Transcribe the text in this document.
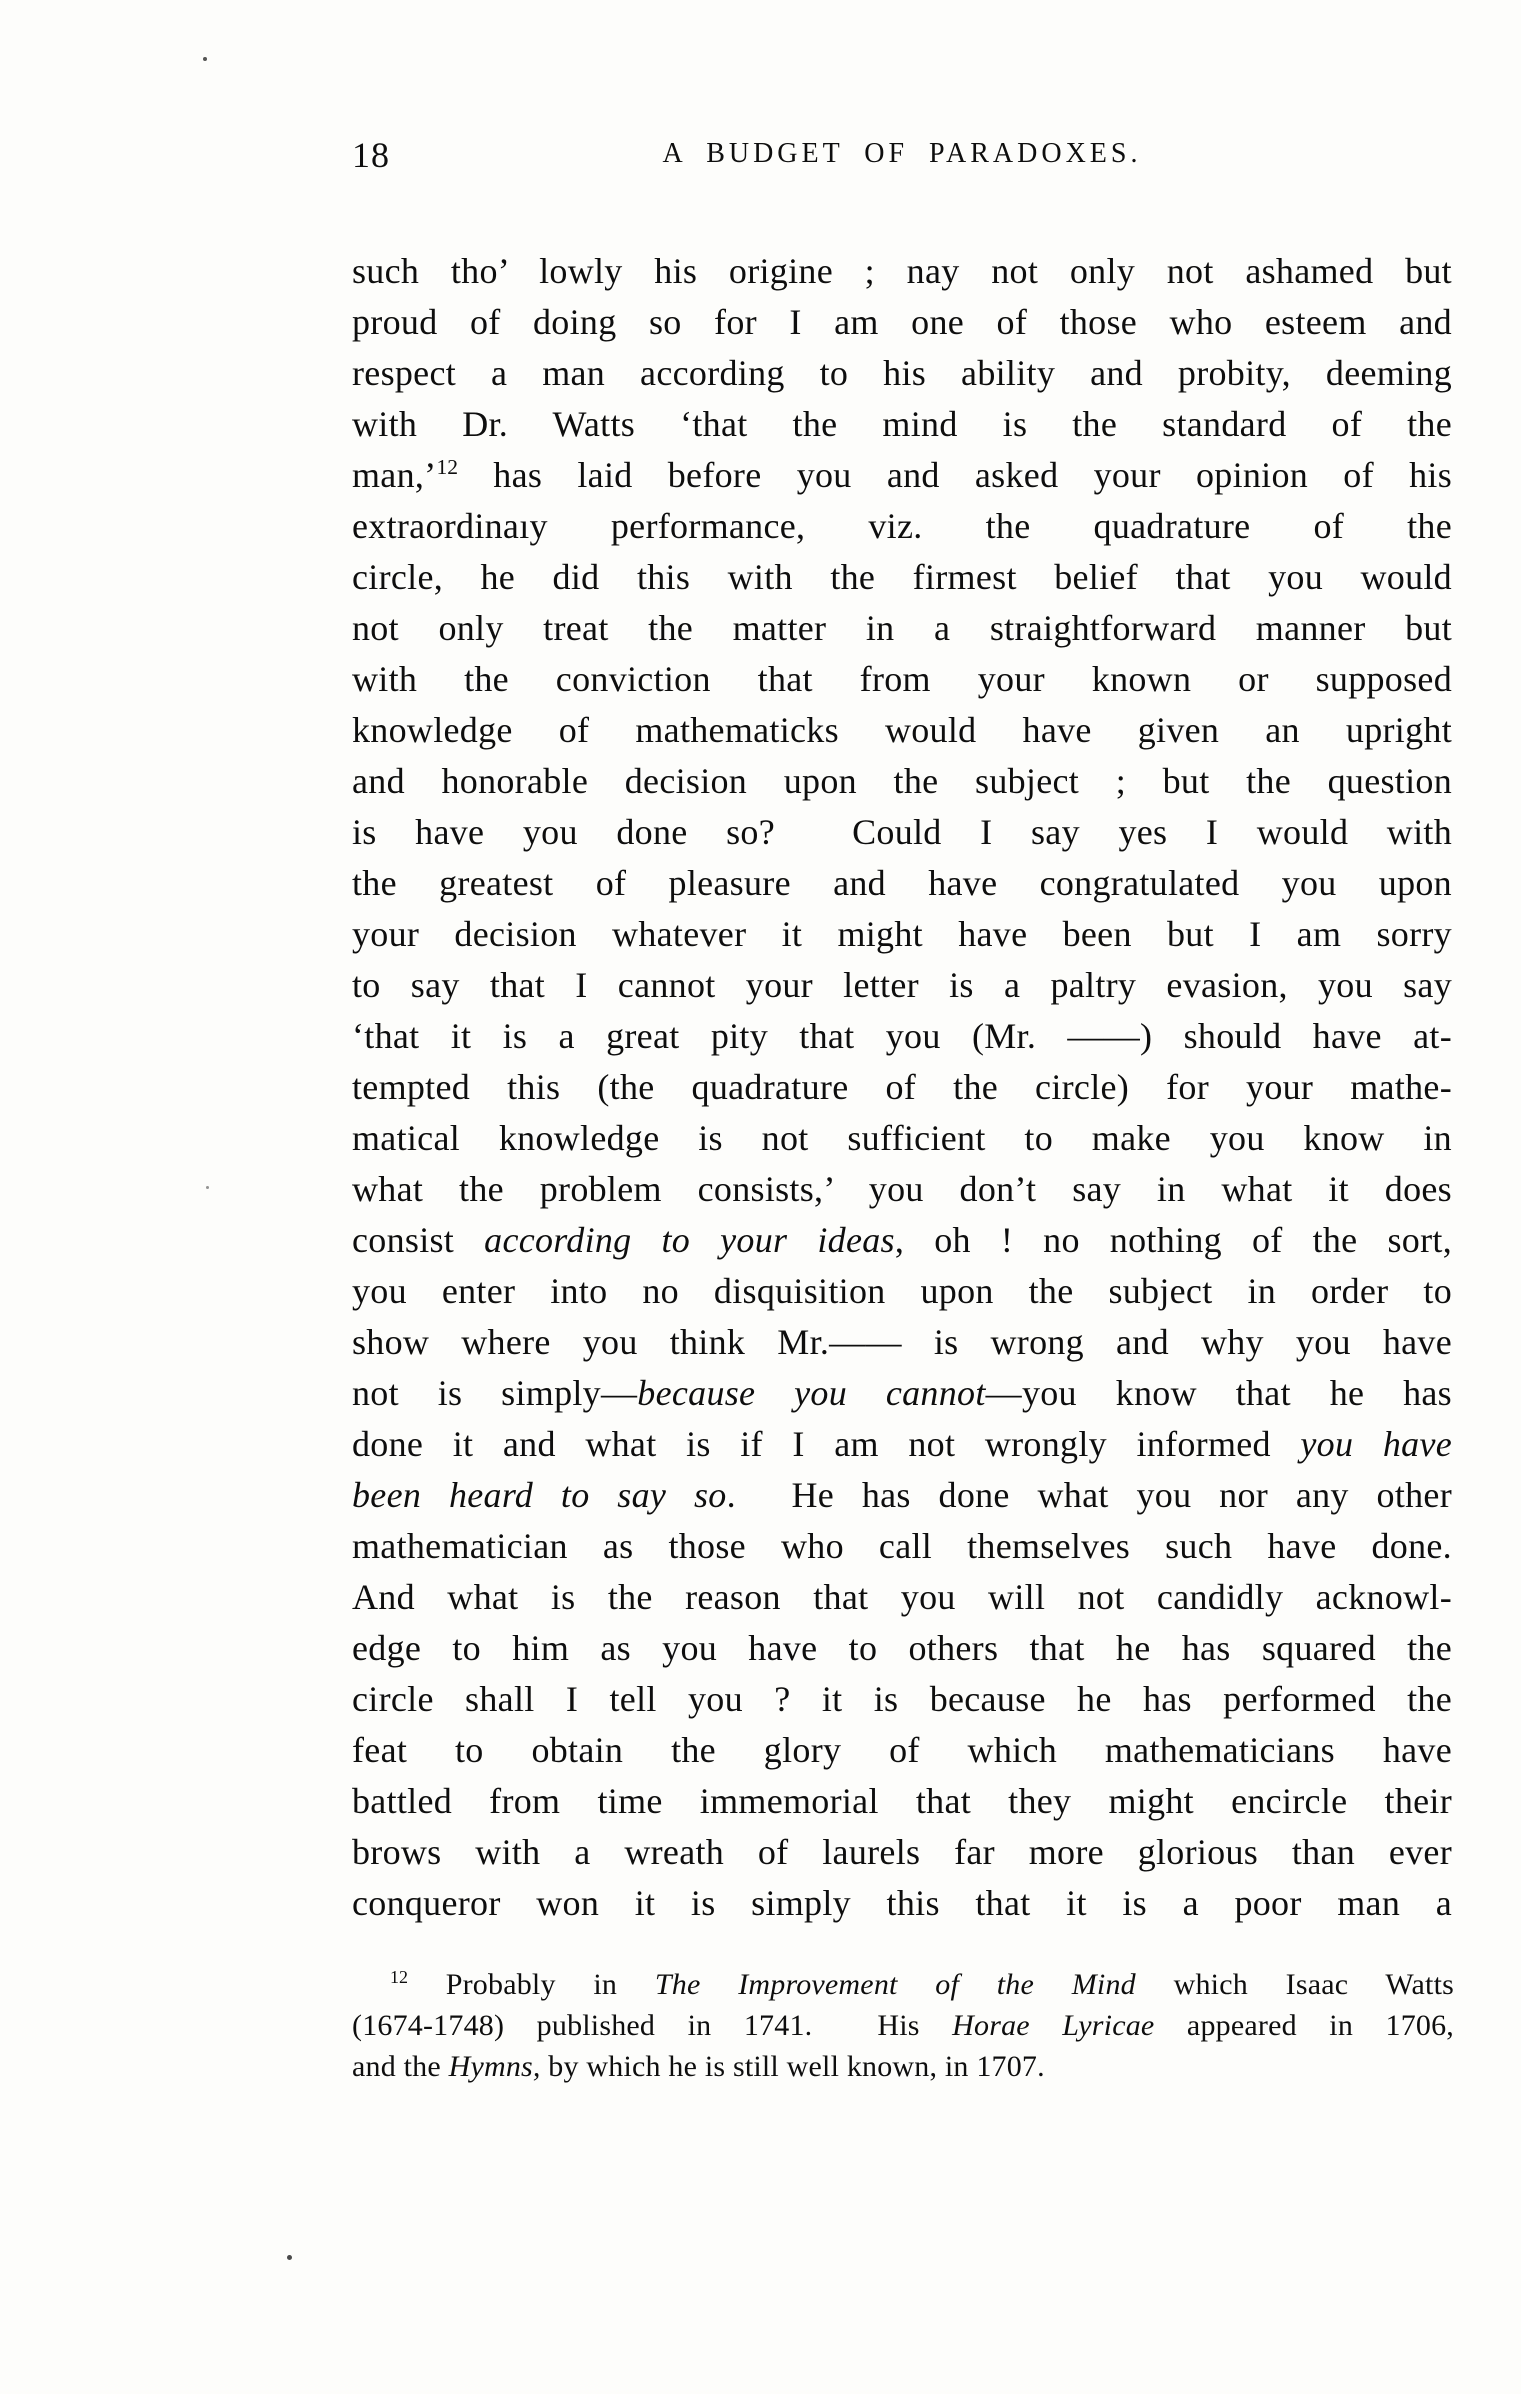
18	A BUDGET OF PARADOXES.
such tho’ lowly his origine ; nay not only not ashamed but
proud of doing so for I am one of those who esteem and
respect a man according to his ability and probity, deeming
with Dr. Watts ‘that the mind is the standard of the
man,’$^{12}$ has laid before you and asked your opinion of his
extraordinaıy performance, viz. the quadrature of the
circle, he did this with the firmest belief that you would
not only treat the matter in a straightforward manner but
with the conviction that from your known or supposed
knowledge of mathematicks would have given an upright
and honorable decision upon the subject ; but the question
is have you done so?  Could I say yes I would with
the greatest of pleasure and have congratulated you upon
your decision whatever it might have been but I am sorry
to say that I cannot your letter is a paltry evasion, you say
‘that it is a great pity that you (Mr. ——) should have at-
tempted this (the quadrature of the circle) for your mathe-
matical knowledge is not sufficient to make you know in
what the problem consists,’ you don’t say in what it does
consist according to your ideas, oh ! no nothing of the sort,
you enter into no disquisition upon the subject in order to
show where you think Mr.—— is wrong and why you have
not is simply—because you cannot—you know that he has
done it and what is if I am not wrongly informed you have
been heard to say so.  He has done what you nor any other
mathematician as those who call themselves such have done.
And what is the reason that you will not candidly acknowl-
edge to him as you have to others that he has squared the
circle shall I tell you ? it is because he has performed the
feat to obtain the glory of which mathematicians have
battled from time immemorial that they might encircle their
brows with a wreath of laurels far more glorious than ever
conqueror won it is simply this that it is a poor man a
$^{12}$ Probably in The Improvement of the Mind which Isaac Watts
(1674-1748) published in 1741.  His Horae Lyricae appeared in 1706,
and the Hymns, by which he is still well known, in 1707.
